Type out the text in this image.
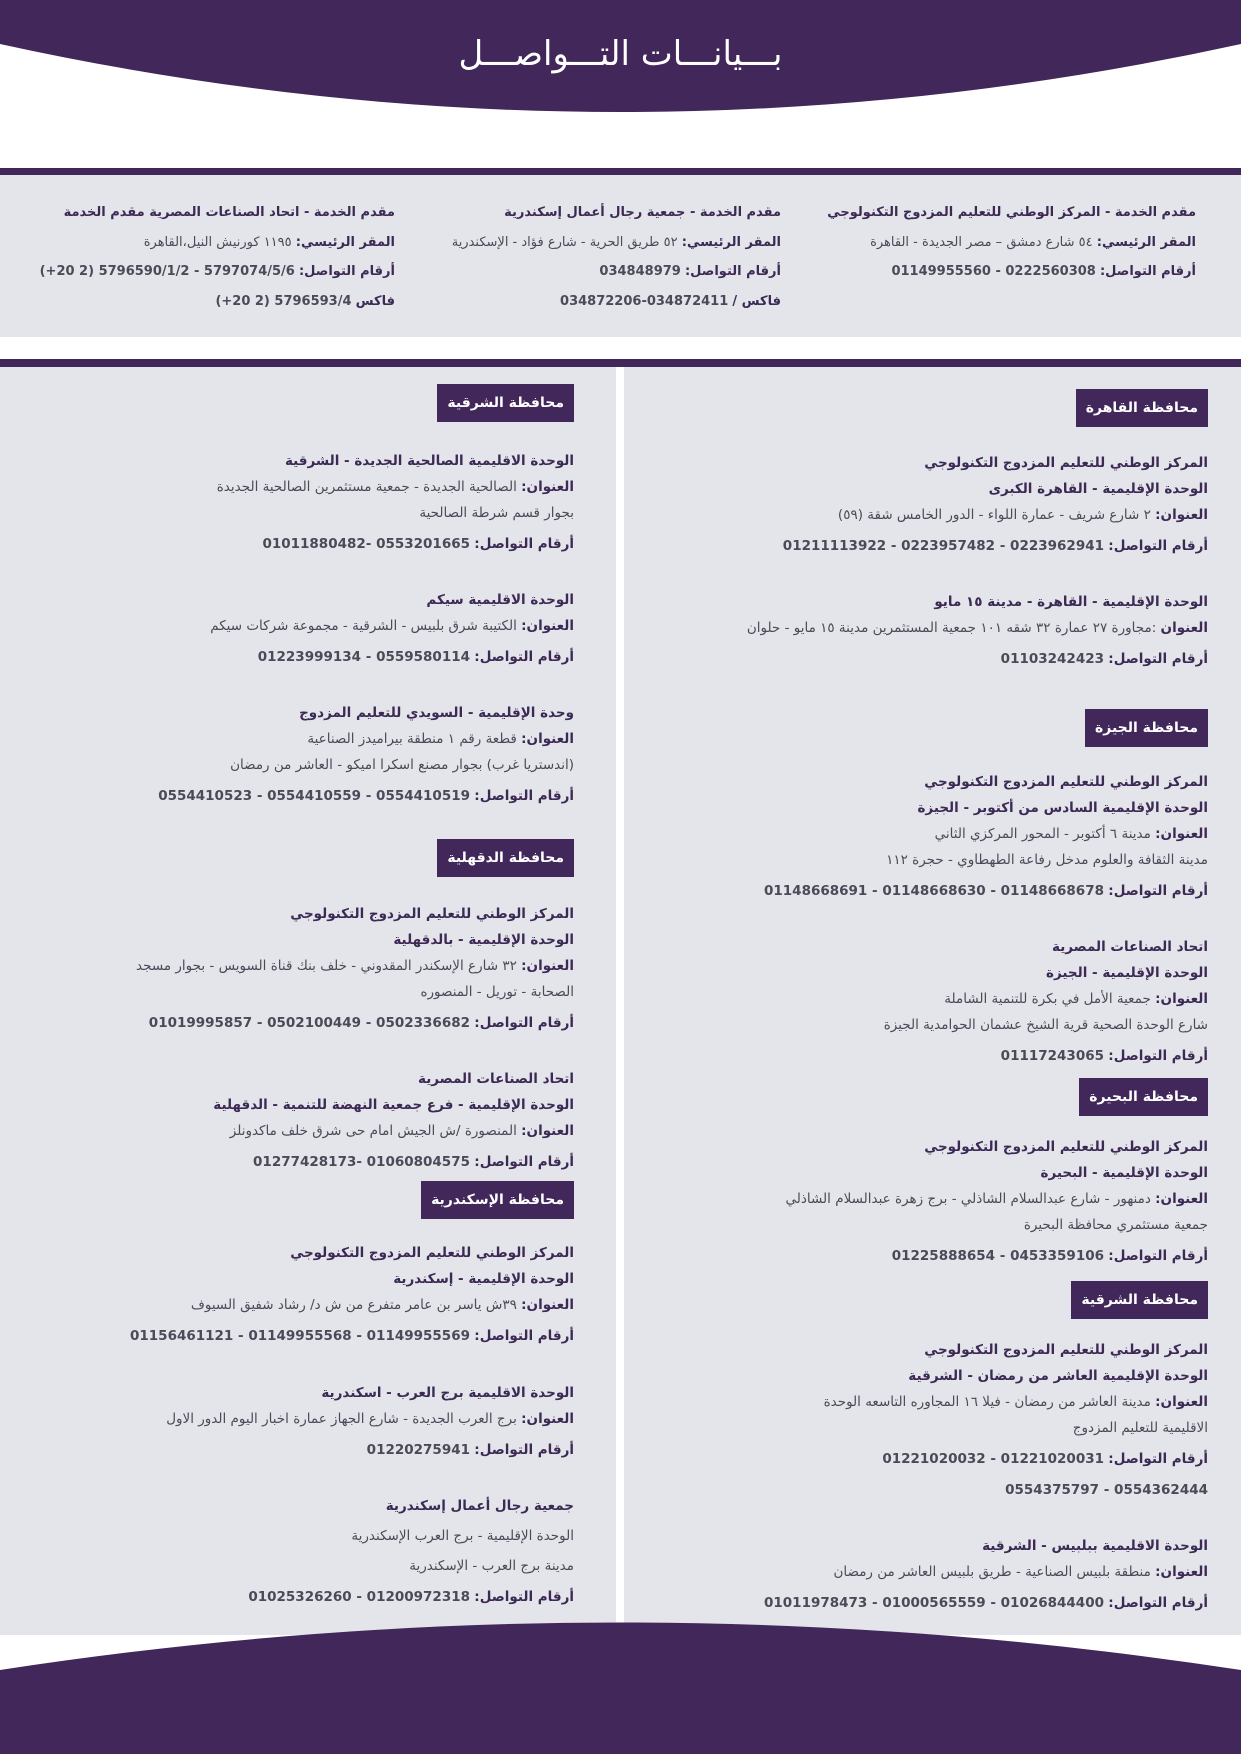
بـــيانـــات التـــواصـــل
مقدم الخدمة - المركز الوطني للتعليم المزدوج التكنولوجي
المقر الرئيسي: ٥٤ شارع دمشق – مصر الجديدة - القاهرة
أرقام التواصل: 01149955560 - 0222560308
مقدم الخدمة - جمعية رجال أعمال إسكندرية
المقر الرئيسي: ٥٢ طريق الحرية - شارع فؤاد - الإسكندرية
أرقام التواصل: 034848979
فاكس / 034872206-034872411
مقدم الخدمة - اتحاد الصناعات المصرية مقدم الخدمة
المقر الرئيسي: ١١٩٥ كورنيش النيل،القاهرة
أرقام التواصل: (+20 2) 5796590/1/2 - 5797074/5/6
فاكس (+20 2) 5796593/4
محافظة القاهرة
المركز الوطني للتعليم المزدوج التكنولوجي
الوحدة الإقليمية - القاهرة الكبرى
العنوان: ٢ شارع شريف - عمارة اللواء - الدور الخامس شقة (٥٩)
أرقام التواصل: 01211113922 - 0223957482 - 0223962941
الوحدة الإقليمية - القاهرة - مدينة ١٥ مايو
العنوان :مجاورة ٢٧ عمارة ٣٢ شقه ١٠١ جمعية المستثمرين مدينة ١٥ مايو - حلوان
أرقام التواصل: 01103242423
محافظة الجيزة
المركز الوطني للتعليم المزدوج التكنولوجي
الوحدة الإقليمية السادس من أكتوبر - الجيزة
العنوان: مدينة ٦ أكتوبر - المحور المركزي الثاني
مدينة الثقافة والعلوم مدخل رفاعة الطهطاوي - حجرة ١١٢
أرقام التواصل: 01148668691 - 01148668630 - 01148668678
اتحاد الصناعات المصرية
الوحدة الإقليمية - الجيزة
العنوان: جمعية الأمل في بكرة للتنمية الشاملة
شارع الوحدة الصحية قرية الشيخ عشمان الحوامدية الجيزة
أرقام التواصل: 01117243065
محافظة البحيرة
المركز الوطني للتعليم المزدوج التكنولوجي
الوحدة الإقليمية - البحيرة
العنوان: دمنهور - شارع عبدالسلام الشاذلي - برج زهرة عبدالسلام الشاذلي
جمعية مستثمري محافظة البحيرة
أرقام التواصل: 01225888654 - 0453359106
محافظة الشرقية
المركز الوطني للتعليم المزدوج التكنولوجي
الوحدة الإقليمية العاشر من رمضان - الشرقية
العنوان: مدينة العاشر من رمضان - فيلا ١٦ المجاوره التاسعه الوحدة
الاقليمية للتعليم المزدوج
أرقام التواصل: 01221020032 - 01221020031
0554375797 - 0554362444
الوحدة الاقليمية ببلبيس - الشرقية
العنوان: منطقة بلبيس الصناعية - طريق بلبيس العاشر من رمضان
أرقام التواصل: 01011978473 - 01000565559 - 01026844400
محافظة الشرقية
الوحدة الاقليمية الصالحية الجديدة - الشرقية
العنوان: الصالحية الجديدة - جمعية مستثمرين الصالحية الجديدة
بجوار قسم شرطة الصالحية
أرقام التواصل: 01011880482- 0553201665
الوحدة الاقليمية سيكم
العنوان: الكتيبة شرق بلبيس - الشرقية - مجموعة شركات سيكم
أرقام التواصل: 01223999134 - 0559580114
وحدة الإقليمية - السويدي للتعليم المزدوج
العنوان: قطعة رقم ١ منطقة بيراميدز الصناعية
(اندستريا غرب) بجوار مصنع اسكرا اميكو - العاشر من رمضان
أرقام التواصل: 0554410523 - 0554410559 - 0554410519
محافظة الدقهلية
المركز الوطني للتعليم المزدوج التكنولوجي
الوحدة الإقليمية - بالدقهلية
العنوان: ٣٢ شارع الإسكندر المقدوني - خلف بنك قناة السويس - بجوار مسجد
الصحابة - توريل - المنصوره
أرقام التواصل: 01019995857 - 0502100449 - 0502336682
اتحاد الصناعات المصرية
الوحدة الإقليمية - فرع جمعية النهضة للتنمية - الدقهلية
العنوان: المنصورة /ش الجيش امام حى شرق خلف ماكدونلز
أرقام التواصل: 01277428173- 01060804575
محافظة الإسكندرية
المركز الوطني للتعليم المزدوج التكنولوجي
الوحدة الإقليمية - إسكندرية
العنوان: ٣٩ش ياسر بن عامر متفرع من ش د/ رشاد شفيق السيوف
أرقام التواصل: 01156461121 - 01149955568 - 01149955569
الوحدة الاقليمية برج العرب - اسكندرية
العنوان: برج العرب الجديدة - شارع الجهاز عمارة اخبار اليوم الدور الاول
أرقام التواصل: 01220275941
جمعية رجال أعمال إسكندرية
الوحدة الإقليمية - برج العرب الإسكندرية
مدينة برج العرب - الإسكندرية
أرقام التواصل: 01025326260 - 01200972318
